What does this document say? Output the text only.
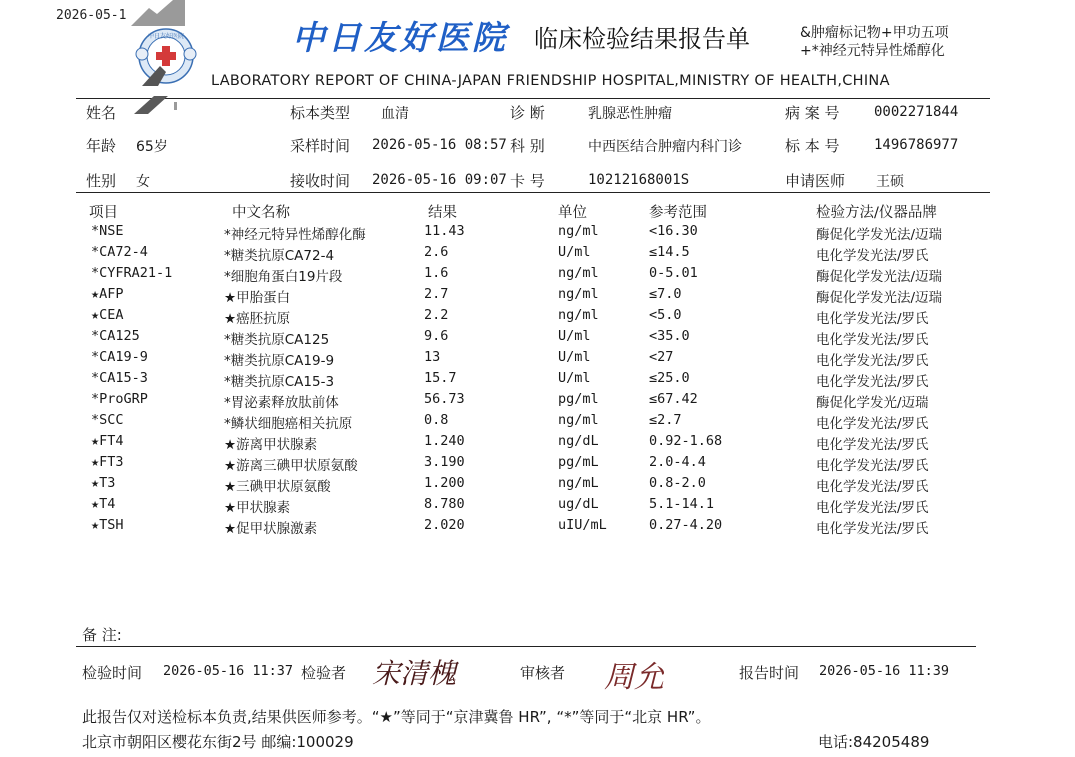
2026-05-1
中日友好医院	中日友好医院 临床检验结果报告单	&肿瘤标记物+甲功五项
+*神经元特异性烯醇化
LABORATORY REPORT OF CHINA-JAPAN FRIENDSHIP HOSPITAL,MINISTRY OF HEALTH,CHINA
姓名	标本类型 血清	诊 断	乳腺恶性肿瘤	病 案 号 0002271844
年龄 65岁	采样时间 2026-05-16 08:57 科 别	中西医结合肿瘤内科门诊	标 本 号 1496786977
性别 女	接收时间 2026-05-16 09:07 卡 号	10212168001S	申请医师 王硕
项目	中文名称	结果	单位	参考范围	检验方法/仪器品牌
*NSE	*神经元特异性烯醇化酶	11.43	ng/ml	<16.30	酶促化学发光法/迈瑞
*CA72-4	*糖类抗原CA72-4	2.6	U/ml	≤14.5	电化学发光法/罗氏
*CYFRA21-1	*细胞角蛋白19片段	1.6	ng/ml	0-5.01	酶促化学发光法/迈瑞
★AFP	★甲胎蛋白	2.7	ng/ml	≤7.0	酶促化学发光法/迈瑞
★CEA	★癌胚抗原	2.2	ng/ml	<5.0	电化学发光法/罗氏
*CA125	*糖类抗原CA125	9.6	U/ml	<35.0	电化学发光法/罗氏
*CA19-9	*糖类抗原CA19-9	13	U/ml	<27	电化学发光法/罗氏
*CA15-3	*糖类抗原CA15-3	15.7	U/ml	≤25.0	电化学发光法/罗氏
*ProGRP	*胃泌素释放肽前体	56.73	pg/ml	≤67.42	酶促化学发光/迈瑞
*SCC	*鳞状细胞癌相关抗原	0.8	ng/ml	≤2.7	电化学发光法/罗氏
★FT4	★游离甲状腺素	1.240	ng/dL	0.92-1.68	电化学发光法/罗氏
★FT3	★游离三碘甲状原氨酸	3.190	pg/mL	2.0-4.4	电化学发光法/罗氏
★T3	★三碘甲状原氨酸	1.200	ng/mL	0.8-2.0	电化学发光法/罗氏
★T4	★甲状腺素	8.780	ug/dL	5.1-14.1	电化学发光法/罗氏
★TSH	★促甲状腺激素	2.020	uIU/mL	0.27-4.20	电化学发光法/罗氏
备 注:
检验时间 2026-05-16 11:37 检验者 宋清槐	审核者 周允	报告时间 2026-05-16 11:39
此报告仅对送检标本负责,结果供医师参考。“★”等同于“京津冀鲁 HR”, “*”等同于“北京 HR”。
北京市朝阳区樱花东街2号 邮编:100029	电话:84205489
